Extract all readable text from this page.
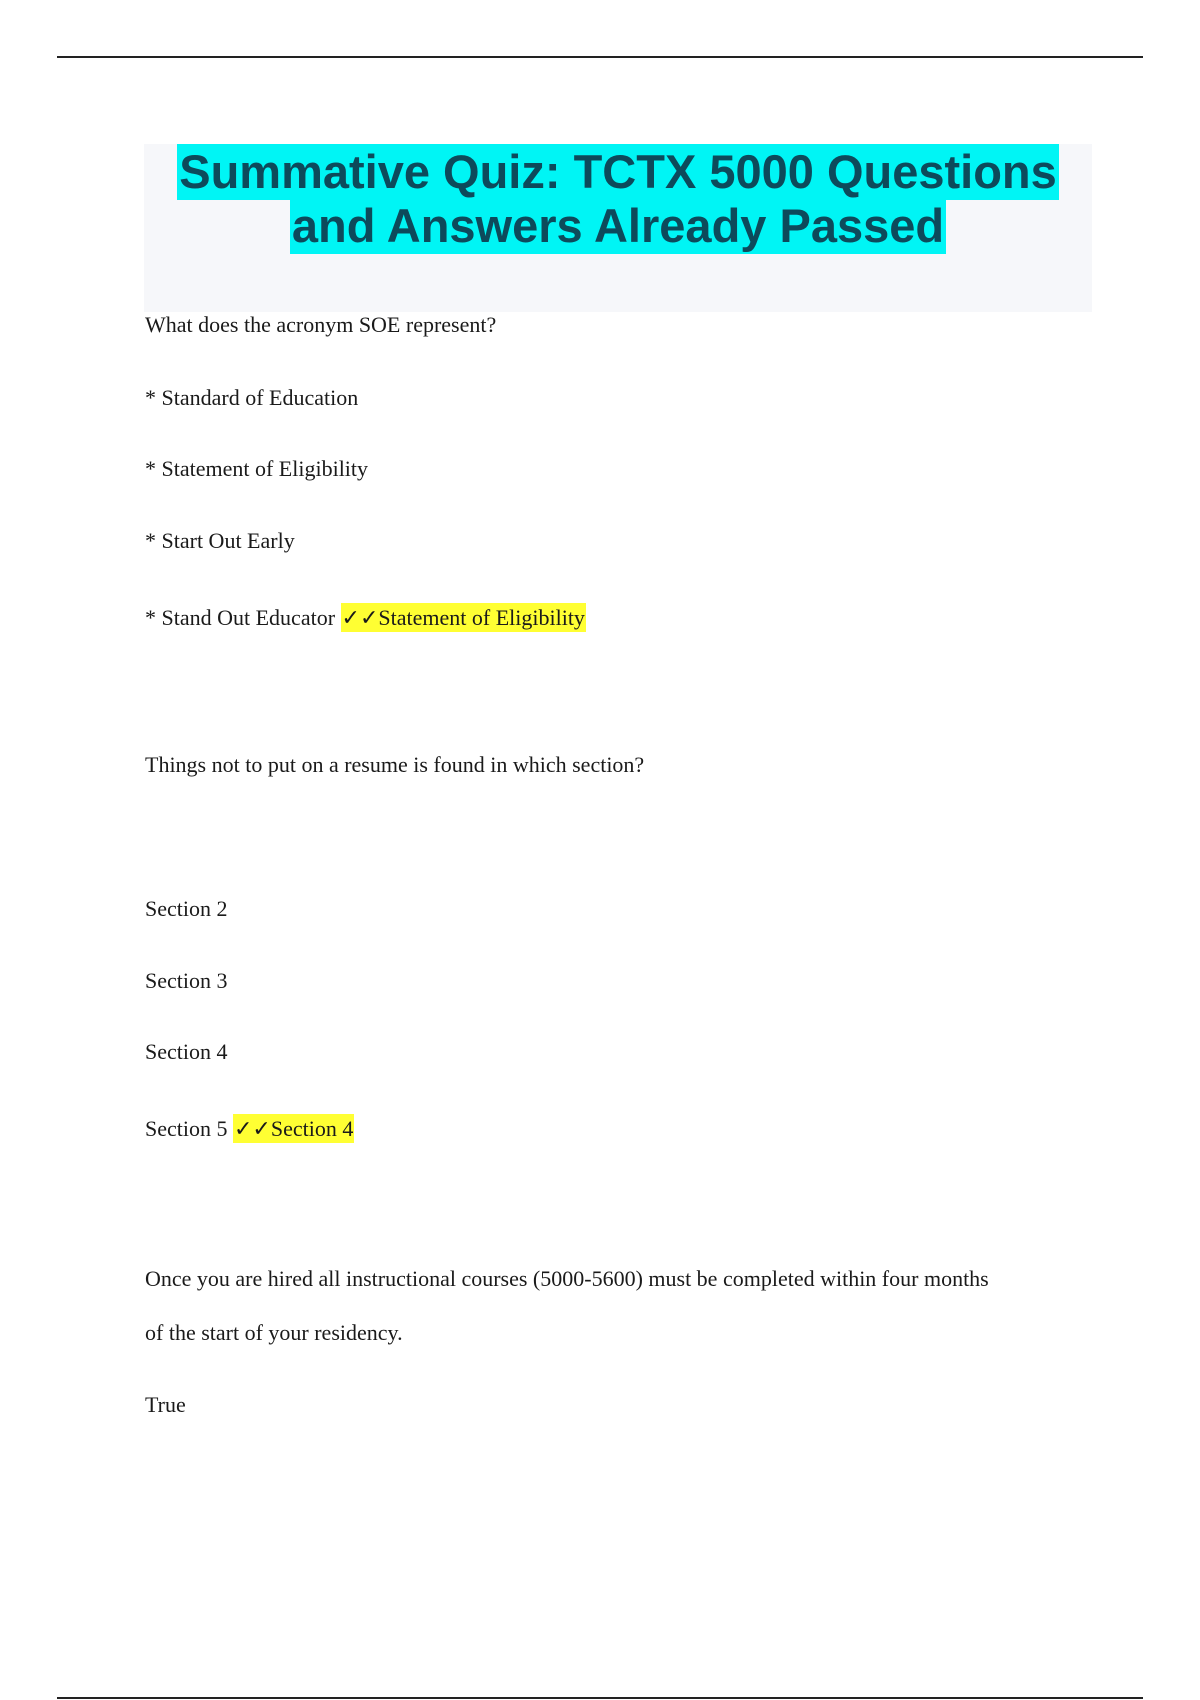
Summative Quiz: TCTX 5000 Questions
and Answers Already Passed
What does the acronym SOE represent?
* Standard of Education
* Statement of Eligibility
* Start Out Early
* Stand Out Educator ✓✓Statement of Eligibility
Things not to put on a resume is found in which section?
Section 2
Section 3
Section 4
Section 5 ✓✓Section 4
Once you are hired all instructional courses (5000-5600) must be completed within four months
of the start of your residency.
True
